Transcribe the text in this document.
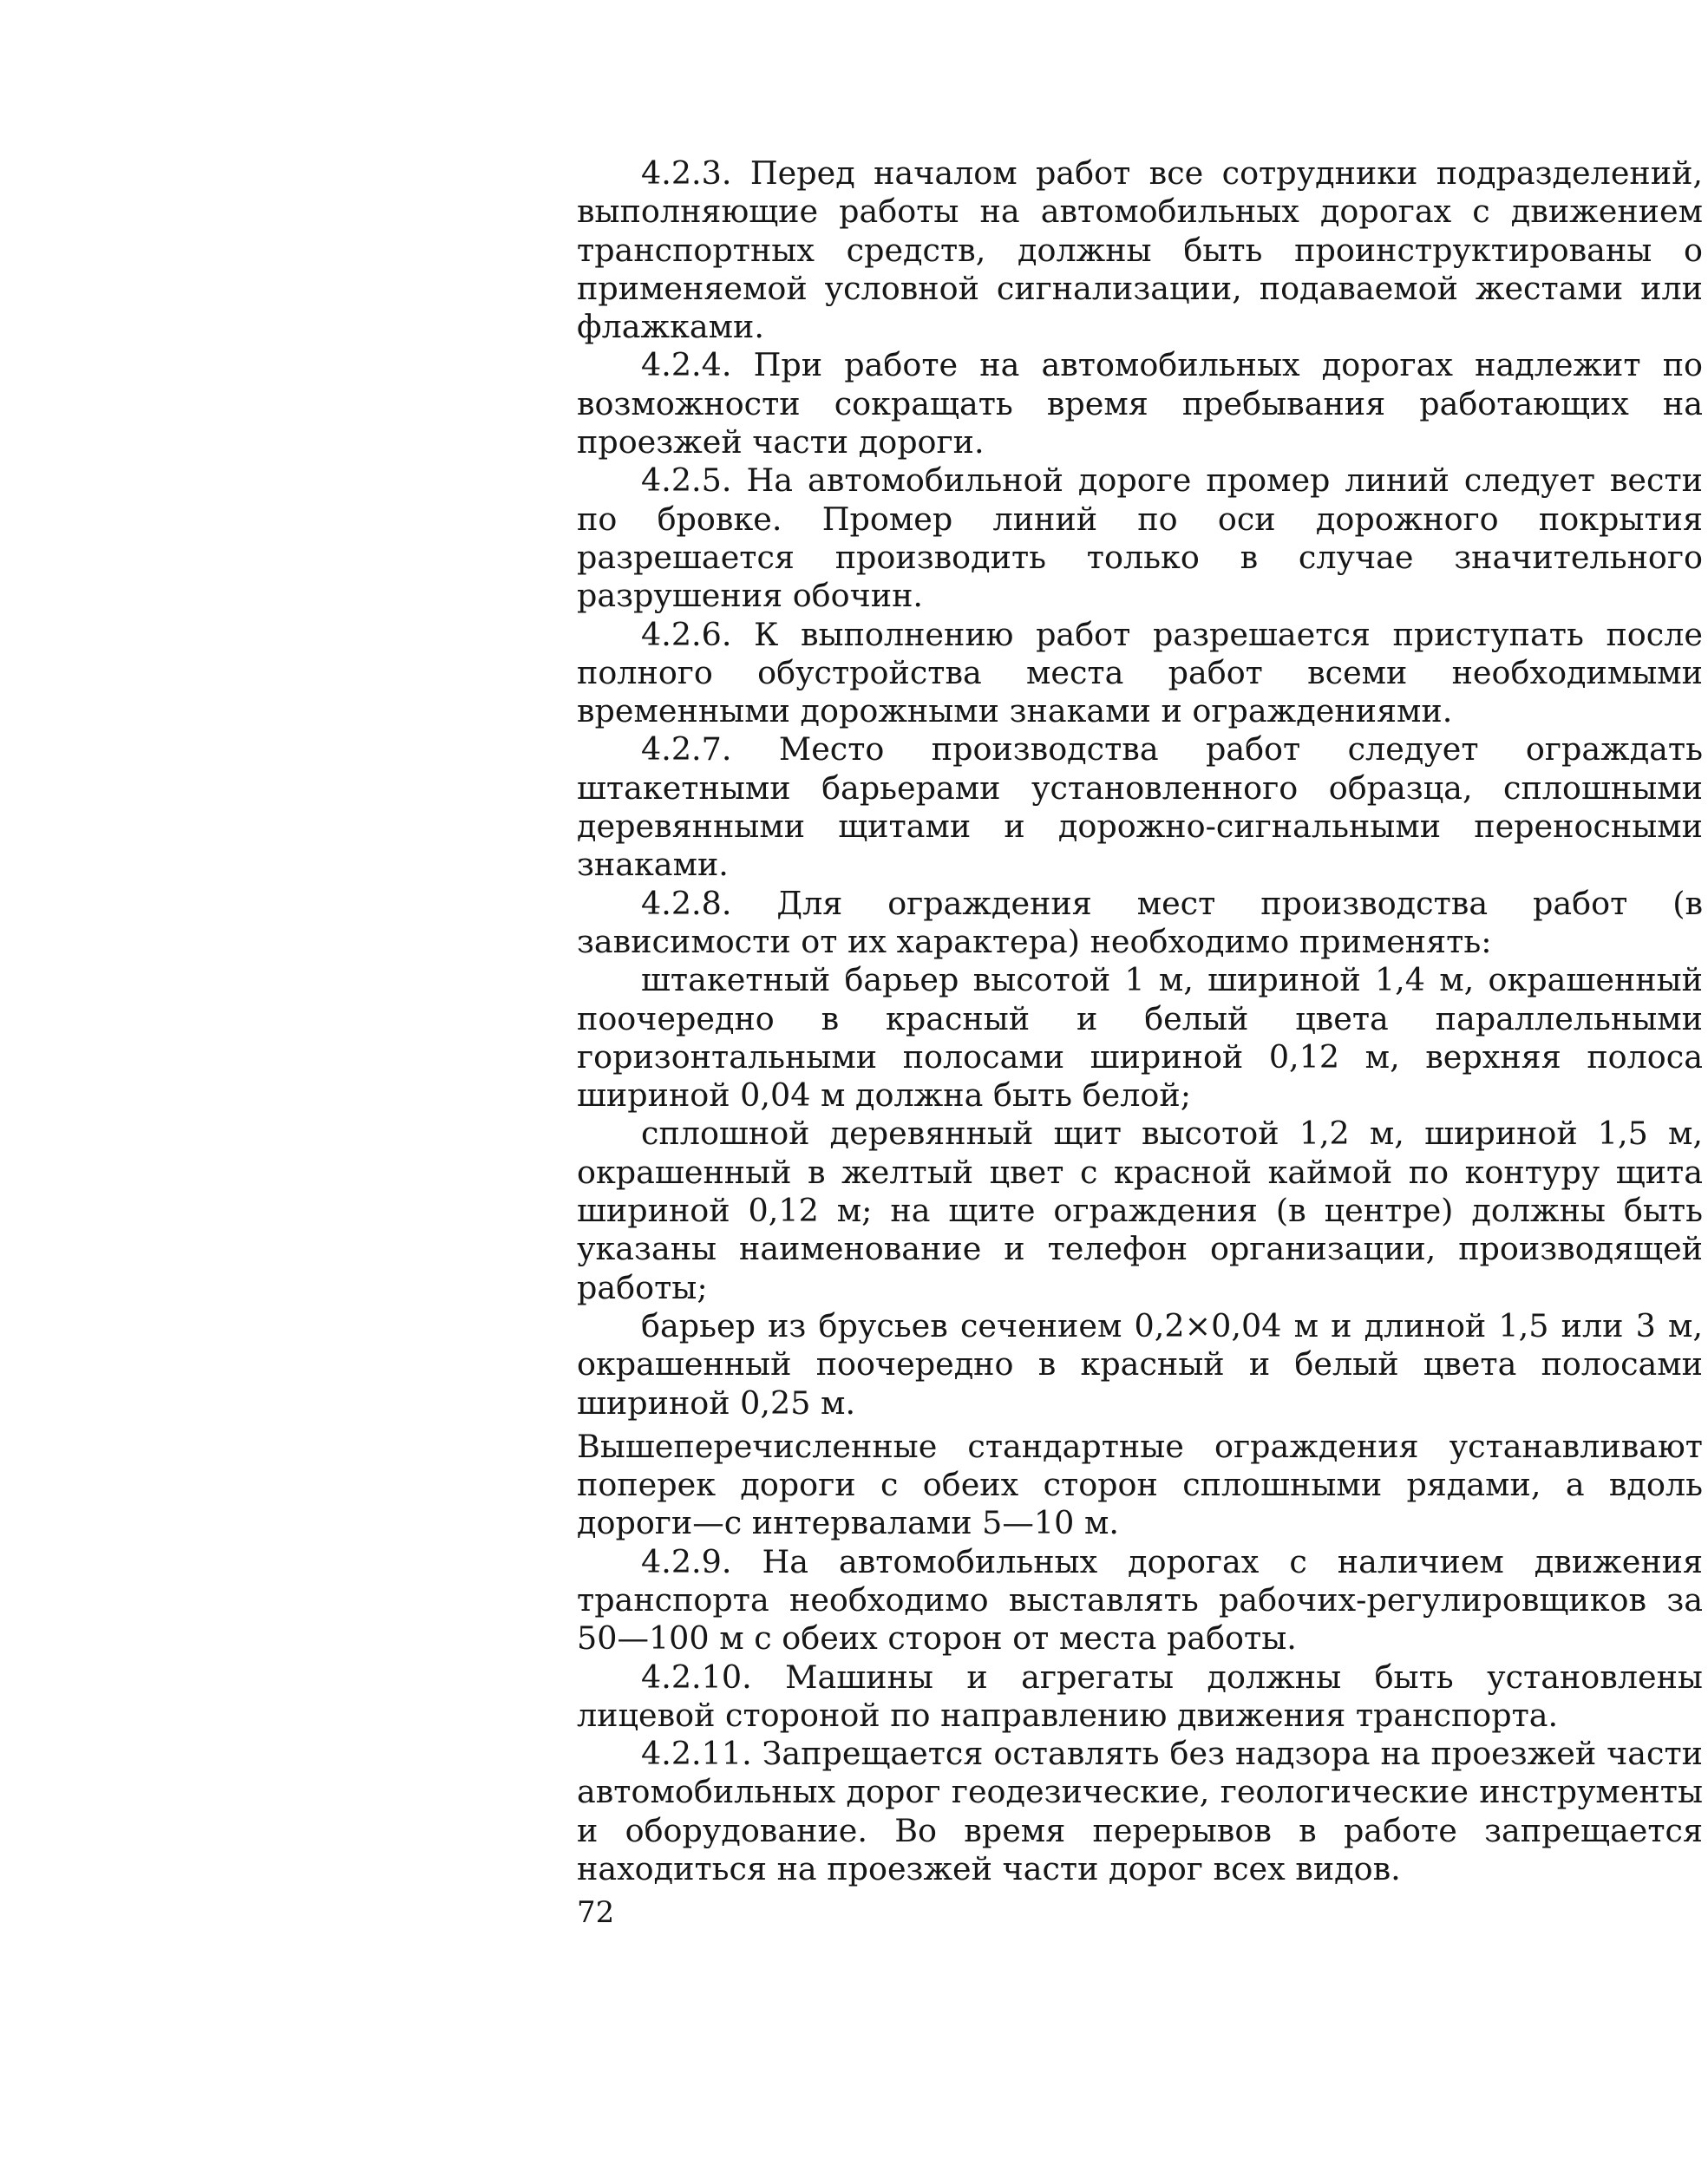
4.2.3. Перед началом работ все сотрудники подразделений, выполняющие работы на автомобильных дорогах с движением транспортных средств, должны быть проинструктированы о применяемой условной сигнализации, подаваемой жестами или флажками.

4.2.4. При работе на автомобильных дорогах надлежит по возможности сокращать время пребывания работающих на проезжей части дороги.

4.2.5. На автомобильной дороге промер линий следует вести по бровке. Промер линий по оси дорожного покрытия разрешается производить только в случае значительного разрушения обочин.

4.2.6. К выполнению работ разрешается приступать после полного обустройства места работ всеми необходимыми временными дорожными знаками и ограждениями.

4.2.7. Место производства работ следует ограждать штакетными барьерами установленного образца, сплошными деревянными щитами и дорожно-сигнальными переносными знаками.

4.2.8. Для ограждения мест производства работ (в зависимости от их характера) необходимо применять:

штакетный барьер высотой 1 м, шириной 1,4 м, окрашенный поочередно в красный и белый цвета параллельными горизонтальными полосами шириной 0,12 м, верхняя полоса шириной 0,04 м должна быть белой;

сплошной деревянный щит высотой 1,2 м, шириной 1,5 м, окрашенный в желтый цвет с красной каймой по контуру щита шириной 0,12 м; на щите ограждения (в центре) должны быть указаны наименование и телефон организации, производящей работы;

барьер из брусьев сечением 0,2×0,04 м и длиной 1,5 или 3 м, окрашенный поочередно в красный и белый цвета полосами шириной 0,25 м.

Вышеперечисленные стандартные ограждения устанавливают поперек дороги с обеих сторон сплошными рядами, а вдоль дороги—с интервалами 5—10 м.

4.2.9. На автомобильных дорогах с наличием движения транспорта необходимо выставлять рабочих-регулировщиков за 50—100 м с обеих сторон от места работы.

4.2.10. Машины и агрегаты должны быть установлены лицевой стороной по направлению движения транспорта.

4.2.11. Запрещается оставлять без надзора на проезжей части автомобильных дорог геодезические, геологические инструменты и оборудование. Во время перерывов в работе запрещается находиться на проезжей части дорог всех видов.

72
